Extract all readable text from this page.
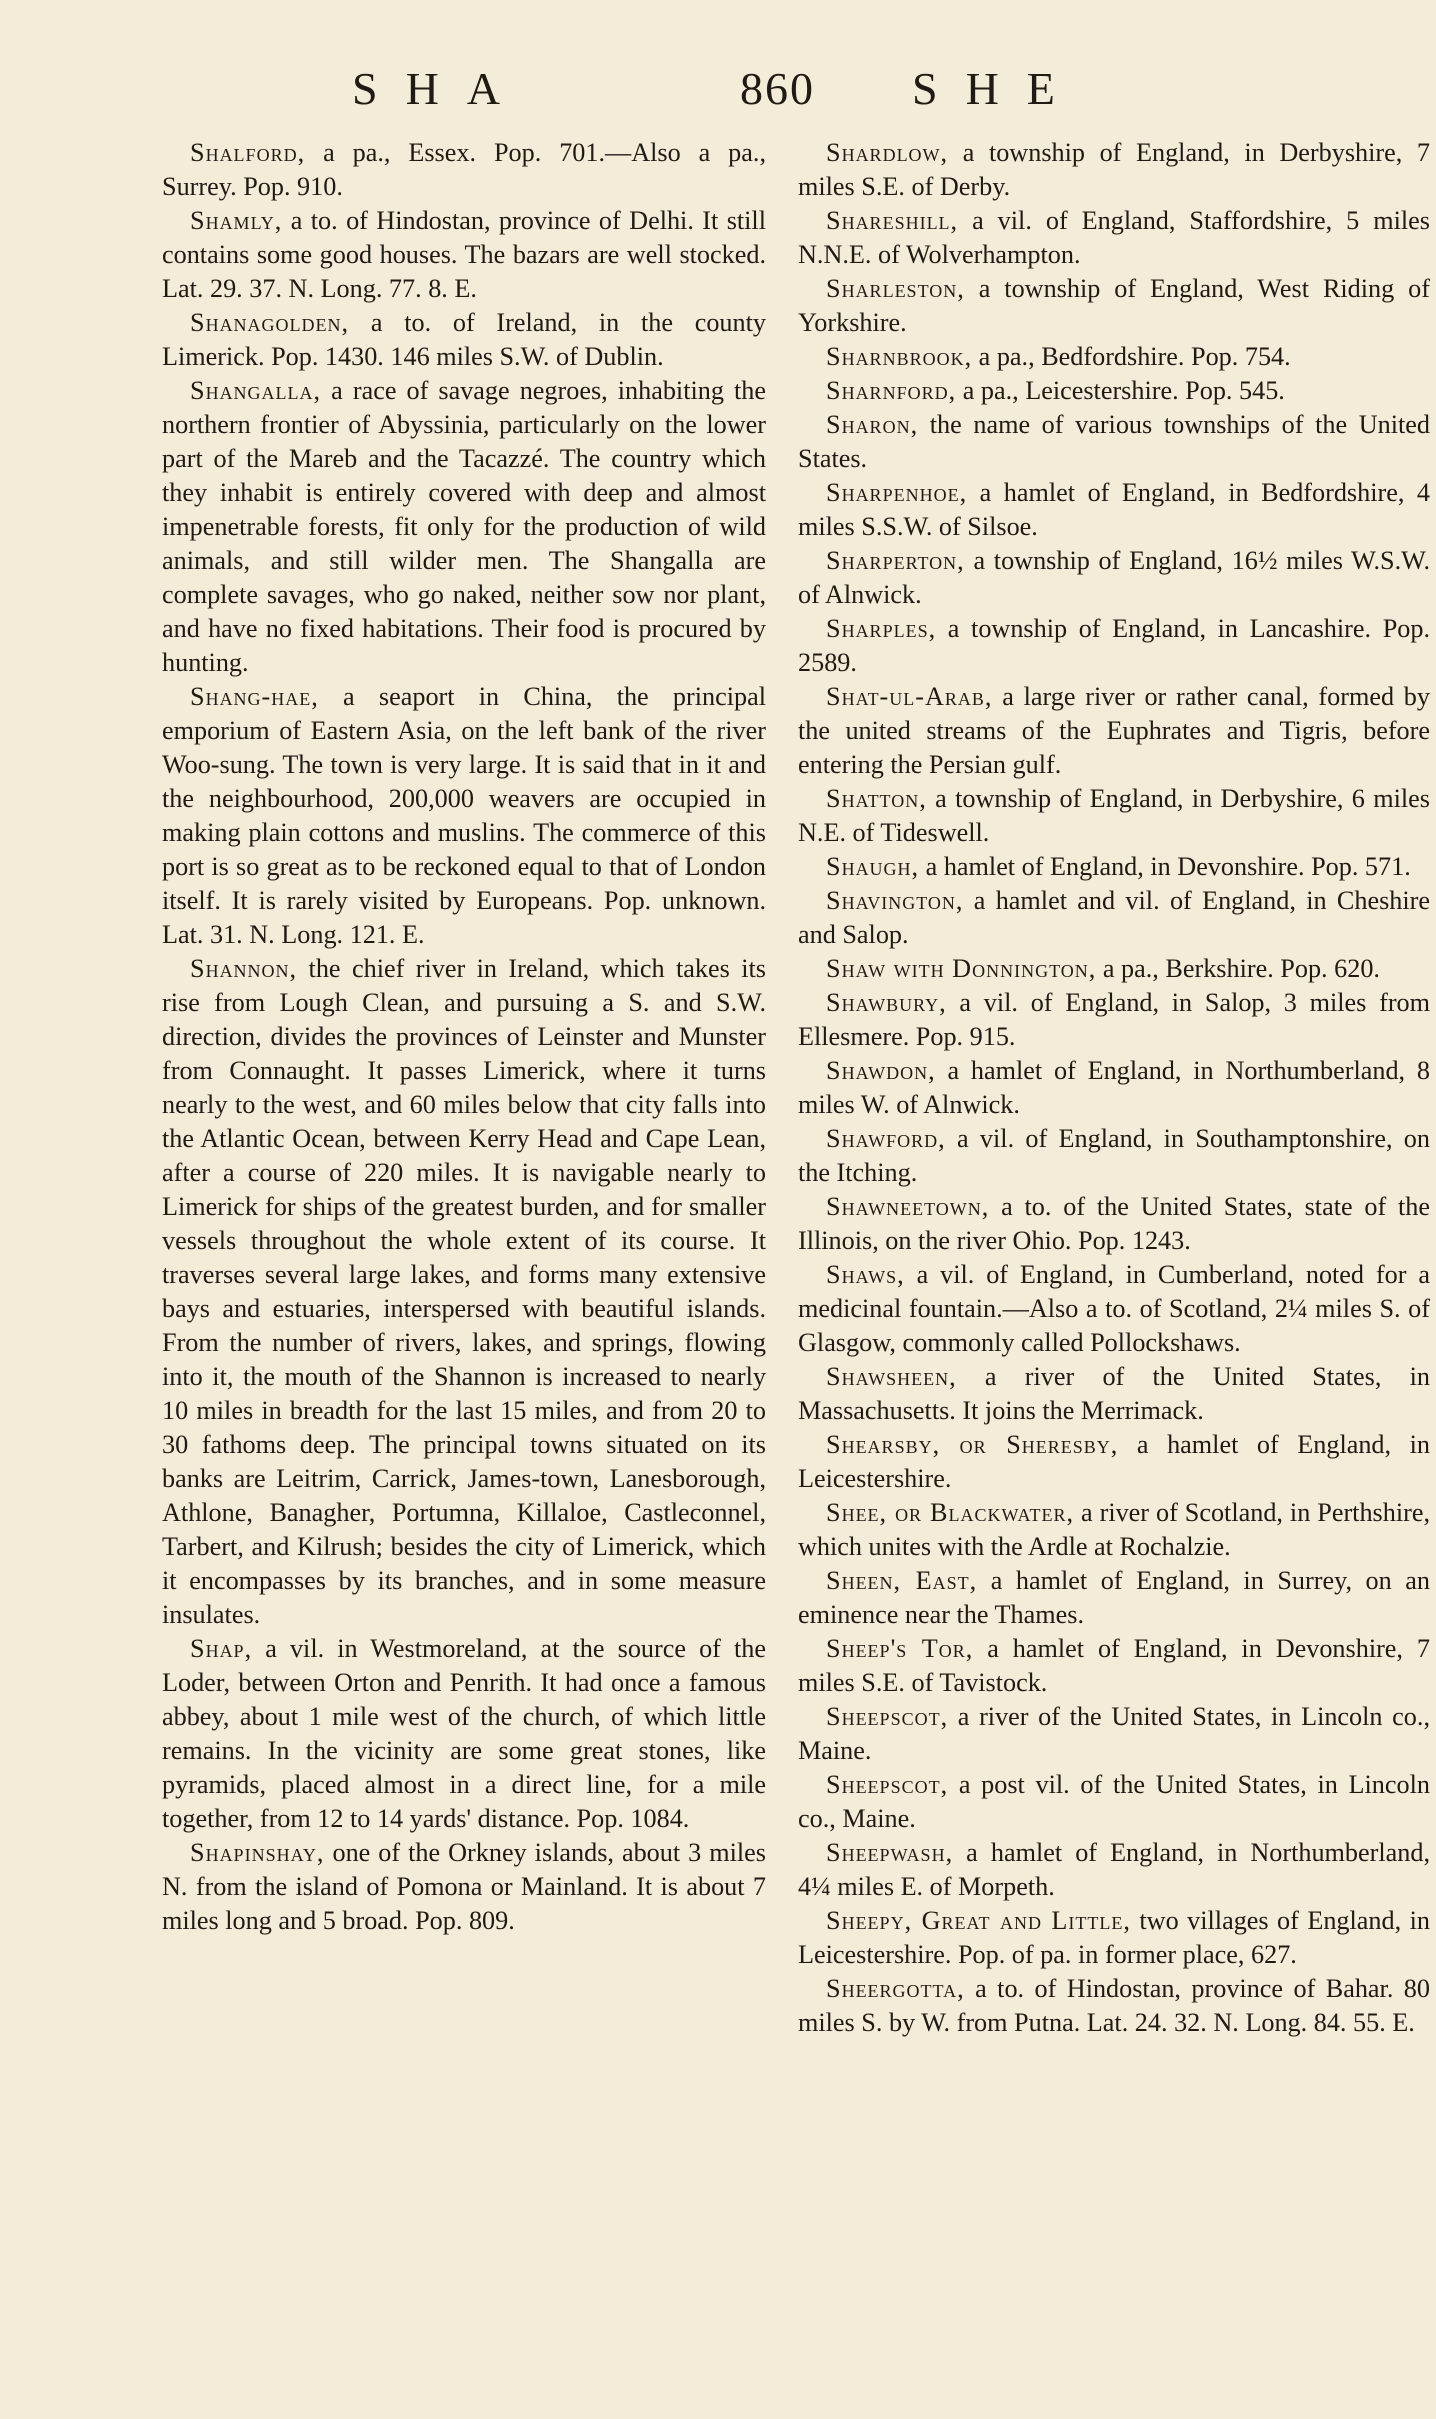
SHA	860 SHE

Shalford, a pa., Essex. Pop. 701.—Also a pa., Surrey. Pop. 910.

Shamly, a to. of Hindostan, province of Delhi. It still contains some good houses. The bazars are well stocked. Lat. 29. 37. N. Long. 77. 8. E.

Shanagolden, a to. of Ireland, in the county Limerick. Pop. 1430. 146 miles S.W. of Dublin.

Shangalla, a race of savage negroes, inhabiting the northern frontier of Abyssinia, particularly on the lower part of the Mareb and the Tacazzé. The country which they inhabit is entirely covered with deep and almost impenetrable forests, fit only for the production of wild animals, and still wilder men. The Shangalla are complete savages, who go naked, neither sow nor plant, and have no fixed habitations. Their food is procured by hunting.

Shang-hae, a seaport in China, the principal emporium of Eastern Asia, on the left bank of the river Woo-sung. The town is very large. It is said that in it and the neighbourhood, 200,000 weavers are occupied in making plain cottons and muslins. The commerce of this port is so great as to be reckoned equal to that of London itself. It is rarely visited by Europeans. Pop. unknown. Lat. 31. N. Long. 121. E.

Shannon, the chief river in Ireland, which takes its rise from Lough Clean, and pursuing a S. and S.W. direction, divides the provinces of Leinster and Munster from Connaught. It passes Limerick, where it turns nearly to the west, and 60 miles below that city falls into the Atlantic Ocean, between Kerry Head and Cape Lean, after a course of 220 miles. It is navigable nearly to Limerick for ships of the greatest burden, and for smaller vessels throughout the whole extent of its course. It traverses several large lakes, and forms many extensive bays and estuaries, interspersed with beautiful islands. From the number of rivers, lakes, and springs, flowing into it, the mouth of the Shannon is increased to nearly 10 miles in breadth for the last 15 miles, and from 20 to 30 fathoms deep. The principal towns situated on its banks are Leitrim, Carrick, James-town, Lanesborough, Athlone, Banagher, Portumna, Killaloe, Castleconnel, Tarbert, and Kilrush; besides the city of Limerick, which it encompasses by its branches, and in some measure insulates.

Shap, a vil. in Westmoreland, at the source of the Loder, between Orton and Penrith. It had once a famous abbey, about 1 mile west of the church, of which little remains. In the vicinity are some great stones, like pyramids, placed almost in a direct line, for a mile together, from 12 to 14 yards' distance. Pop. 1084.

Shapinshay, one of the Orkney islands, about 3 miles N. from the island of Pomona or Mainland. It is about 7 miles long and 5 broad. Pop. 809.

Shardlow, a township of England, in Derbyshire, 7 miles S.E. of Derby.

Shareshill, a vil. of England, Staffordshire, 5 miles N.N.E. of Wolverhampton.

Sharleston, a township of England, West Riding of Yorkshire.

Sharnbrook, a pa., Bedfordshire. Pop. 754.

Sharnford, a pa., Leicestershire. Pop. 545.

Sharon, the name of various townships of the United States.

Sharpenhoe, a hamlet of England, in Bedfordshire, 4 miles S.S.W. of Silsoe.

Sharperton, a township of England, 16½ miles W.S.W. of Alnwick.

Sharples, a township of England, in Lancashire. Pop. 2589.

Shat-ul-Arab, a large river or rather canal, formed by the united streams of the Euphrates and Tigris, before entering the Persian gulf.

Shatton, a township of England, in Derbyshire, 6 miles N.E. of Tideswell.

Shaugh, a hamlet of England, in Devonshire. Pop. 571.

Shavington, a hamlet and vil. of England, in Cheshire and Salop.

Shaw with Donnington, a pa., Berkshire. Pop. 620.

Shawbury, a vil. of England, in Salop, 3 miles from Ellesmere. Pop. 915.

Shawdon, a hamlet of England, in Northumberland, 8 miles W. of Alnwick.

Shawford, a vil. of England, in Southamptonshire, on the Itching.

Shawneetown, a to. of the United States, state of the Illinois, on the river Ohio. Pop. 1243.

Shaws, a vil. of England, in Cumberland, noted for a medicinal fountain.—Also a to. of Scotland, 2¼ miles S. of Glasgow, commonly called Pollockshaws.

Shawsheen, a river of the United States, in Massachusetts. It joins the Merrimack.

Shearsby, or Sheresby, a hamlet of England, in Leicestershire.

Shee, or Blackwater, a river of Scotland, in Perthshire, which unites with the Ardle at Rochalzie.

Sheen, East, a hamlet of England, in Surrey, on an eminence near the Thames.

Sheep's Tor, a hamlet of England, in Devonshire, 7 miles S.E. of Tavistock.

Sheepscot, a river of the United States, in Lincoln co., Maine.

Sheepscot, a post vil. of the United States, in Lincoln co., Maine.

Sheepwash, a hamlet of England, in Northumberland, 4¼ miles E. of Morpeth.

Sheepy, Great and Little, two villages of England, in Leicestershire. Pop. of pa. in former place, 627.

Sheergotta, a to. of Hindostan, province of Bahar. 80 miles S. by W. from Putna. Lat. 24. 32. N. Long. 84. 55. E.
